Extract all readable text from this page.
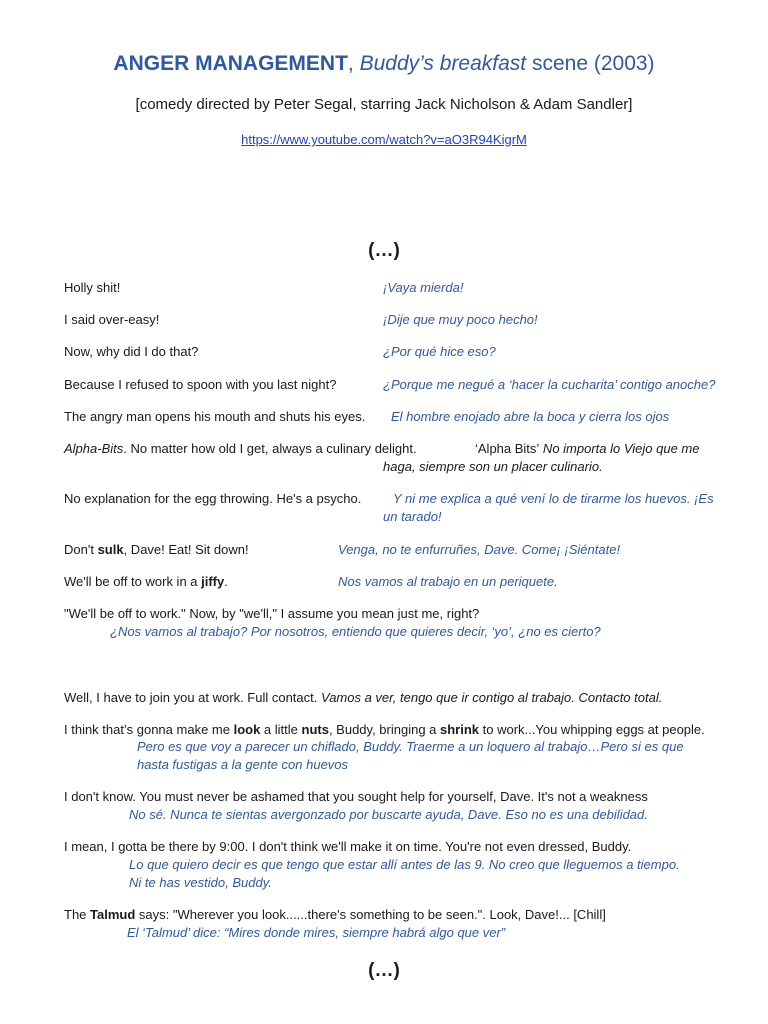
ANGER MANAGEMENT, Buddy’s breakfast scene (2003)
[comedy directed by Peter Segal, starring Jack Nicholson & Adam Sandler]
https://www.youtube.com/watch?v=aO3R94KigrM
(…)
Holly shit!	¡Vaya mierda!
I said over-easy!	¡Dije que muy poco hecho!
Now, why did I do that?	¿Por qué hice eso?
Because I refused to spoon with you last night?	¿Porque me negué a ‘hacer la cucharita’ contigo anoche?
The angry man opens his mouth and shuts his eyes. El hombre enojado abre la boca y cierra los ojos
Alpha-Bits. No matter how old I get, always a culinary delight.	‘Alpha Bits’ No importa lo Viejo que me
haga, siempre son un placer culinario.
No explanation for the egg throwing. He's a psycho. Y ni me explica a qué vení lo de tirarme los huevos. ¡Es
un tarado!
Don't sulk, Dave! Eat! Sit down!	Venga, no te enfurruñes, Dave. Come¡ ¡Siéntate!
We'll be off to work in a jiffy.	Nos vamos al trabajo en un periquete.
"We'll be off to work." Now, by "we'll," I assume you mean just me, right?
¿Nos vamos al trabajo? Por nosotros, entiendo que quieres decir, ‘yo’, ¿no es cierto?
Well, I have to join you at work. Full contact. Vamos a ver, tengo que ir contigo al trabajo. Contacto total.
I think that’s gonna make me look a little nuts, Buddy, bringing a shrink to work...You whipping eggs at people.
Pero es que voy a parecer un chiflado, Buddy. Traerme a un loquero al trabajo…Pero si es que
hasta fustigas a la gente con huevos
I don't know. You must never be ashamed that you sought help for yourself, Dave. It's not a weakness
No sé. Nunca te sientas avergonzado por buscarte ayuda, Dave. Eso no es una debilidad.
I mean, I gotta be there by 9:00. I don't think we'll make it on time. You're not even dressed, Buddy.
Lo que quiero decir es que tengo que estar allí antes de las 9. No creo que lleguemos a tiempo.
Ni te has vestido, Buddy.
The Talmud says: "Wherever you look......there's something to be seen.". Look, Dave!... [Chill]
El ‘Talmud’ dice: “Mires donde mires, siempre habrá algo que ver”
(…)
